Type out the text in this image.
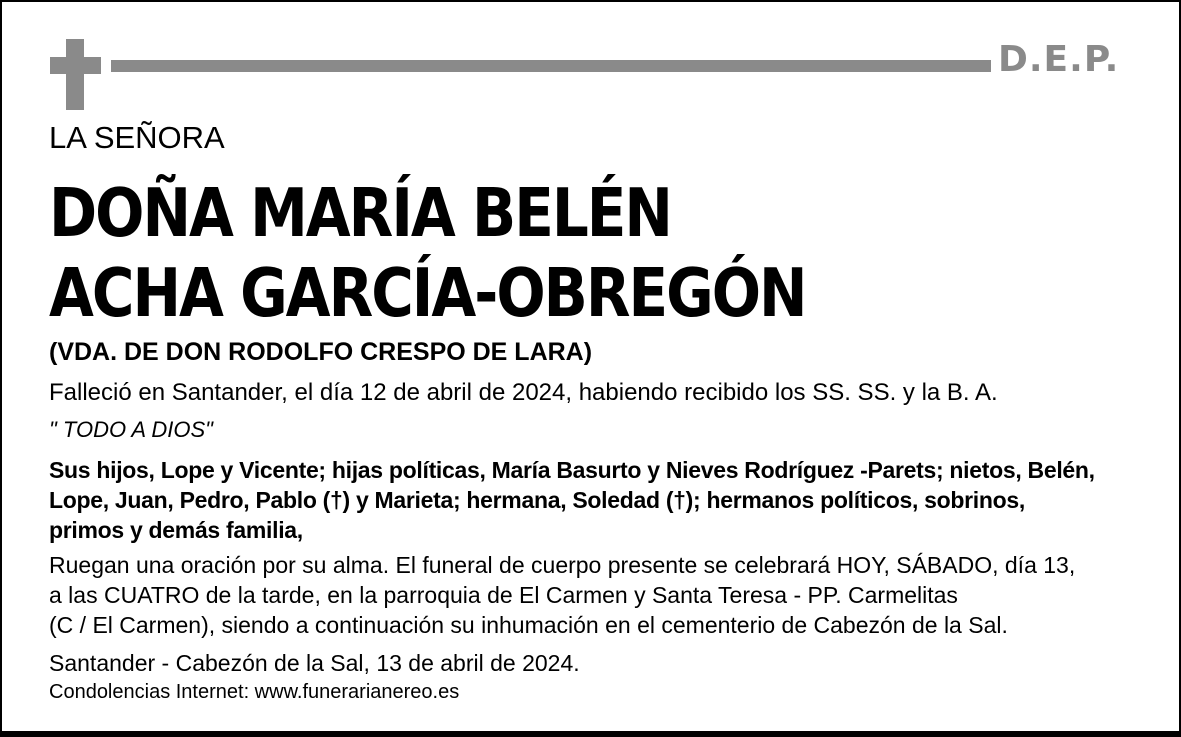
D.E.P.
LA SEÑORA
DOÑA MARÍA BELÉN
ACHA GARCÍA-OBREGÓN
(VDA. DE DON RODOLFO CRESPO DE LARA)
Falleció en Santander, el día 12 de abril de 2024, habiendo recibido los SS. SS. y la B. A.
" TODO A DIOS"
Sus hijos, Lope y Vicente; hijas políticas, María Basurto y Nieves Rodríguez -Parets; nietos, Belén,
Lope, Juan, Pedro, Pablo (†) y Marieta; hermana, Soledad (†); hermanos políticos, sobrinos,
primos y demás familia,
Ruegan una oración por su alma. El funeral de cuerpo presente se celebrará HOY, SÁBADO, día 13,
a las CUATRO de la tarde, en la parroquia de El Carmen y Santa Teresa - PP. Carmelitas
(C / El Carmen), siendo a continuación su inhumación en el cementerio de Cabezón de la Sal.
Santander - Cabezón de la Sal, 13 de abril de 2024.
Condolencias Internet: www.funerarianereo.es
